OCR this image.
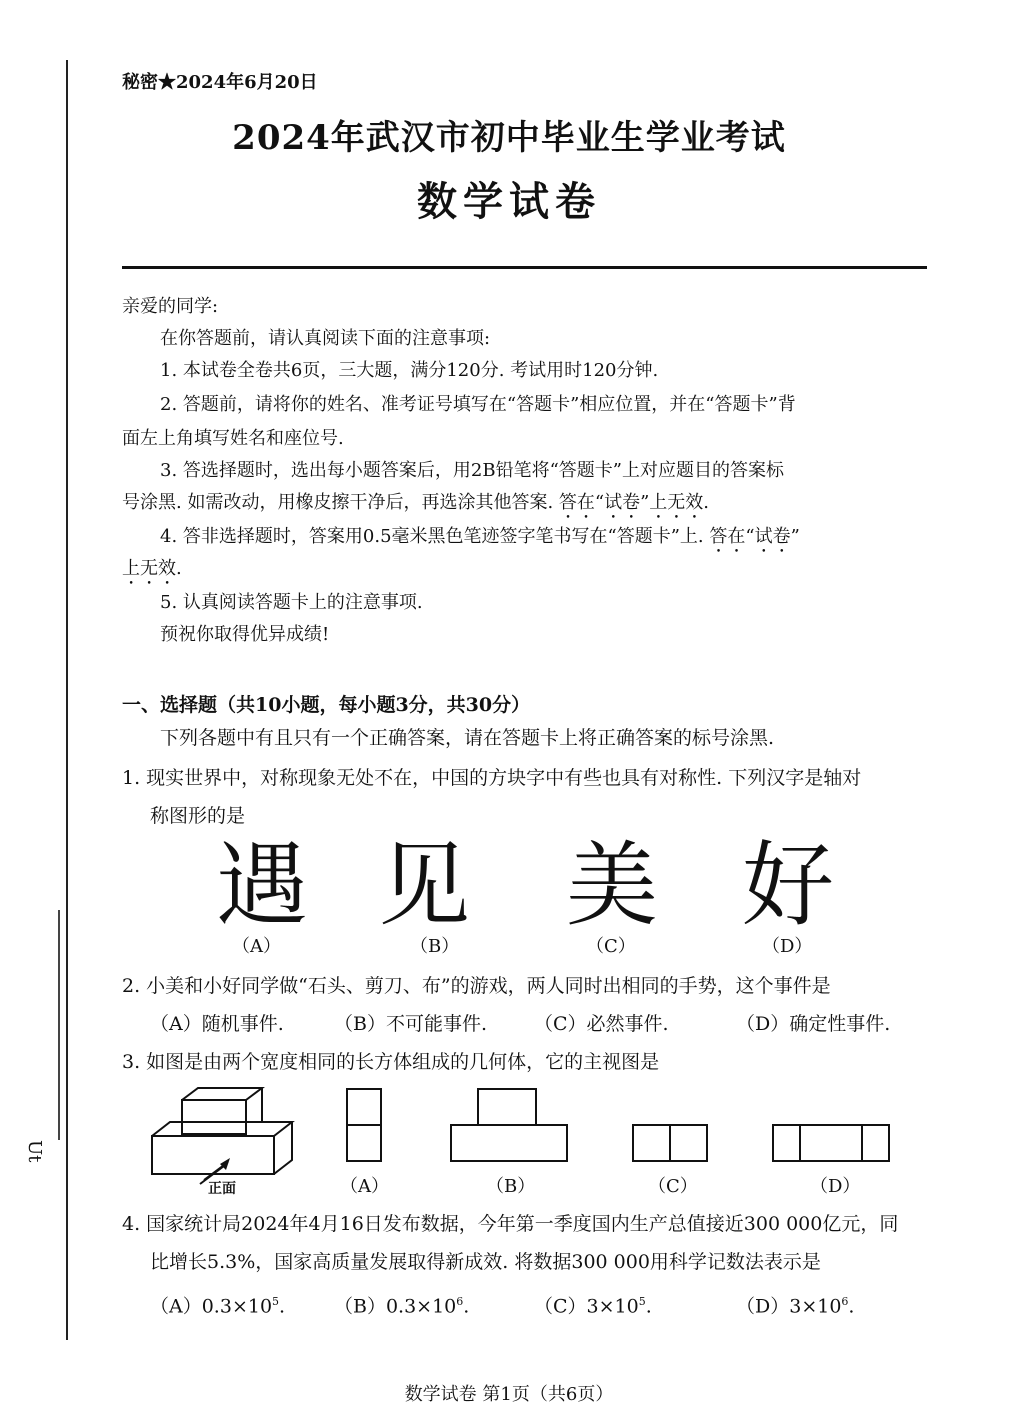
Ut
秘密★2024年6月20日
2024年武汉市初中毕业生学业考试
数学试卷
亲爱的同学:
在你答题前，请认真阅读下面的注意事项:
1. 本试卷全卷共6页，三大题，满分120分. 考试用时120分钟.
2. 答题前，请将你的姓名、准考证号填写在“答题卡”相应位置，并在“答题卡”背
面左上角填写姓名和座位号.
3. 答选择题时，选出每小题答案后，用2B铅笔将“答题卡”上对应题目的答案标
号涂黑. 如需改动，用橡皮擦干净后，再选涂其他答案. 答在“试卷”上无效.
4. 答非选择题时，答案用0.5毫米黑色笔迹签字笔书写在“答题卡”上. 答在“试卷”
上无效.
5. 认真阅读答题卡上的注意事项.
预祝你取得优异成绩!
一、选择题（共10小题，每小题3分，共30分）
下列各题中有且只有一个正确答案，请在答题卡上将正确答案的标号涂黑.
1. 现实世界中，对称现象无处不在，中国的方块字中有些也具有对称性. 下列汉字是轴对
称图形的是
遇 见 美 好
（A）	（B）	（C）	（D）
2. 小美和小好同学做“石头、剪刀、布”的游戏，两人同时出相同的手势，这个事件是
（A）随机事件.	（B）不可能事件. （C）必然事件.	（D）确定性事件.
3. 如图是由两个宽度相同的长方体组成的几何体，它的主视图是
正面	（A）	（B）	（C）	（D）
4. 国家统计局2024年4月16日发布数据，今年第一季度国内生产总值接近300 000亿元，同
比增长5.3%，国家高质量发展取得新成效. 将数据300 000用科学记数法表示是
$(A)0.3\times 10^5$.	$(B)0.3\times 10^6$.	$(C)3\times 10^5$.	$(D)3\times 10^6$.
数学试卷 第1页（共6页）
